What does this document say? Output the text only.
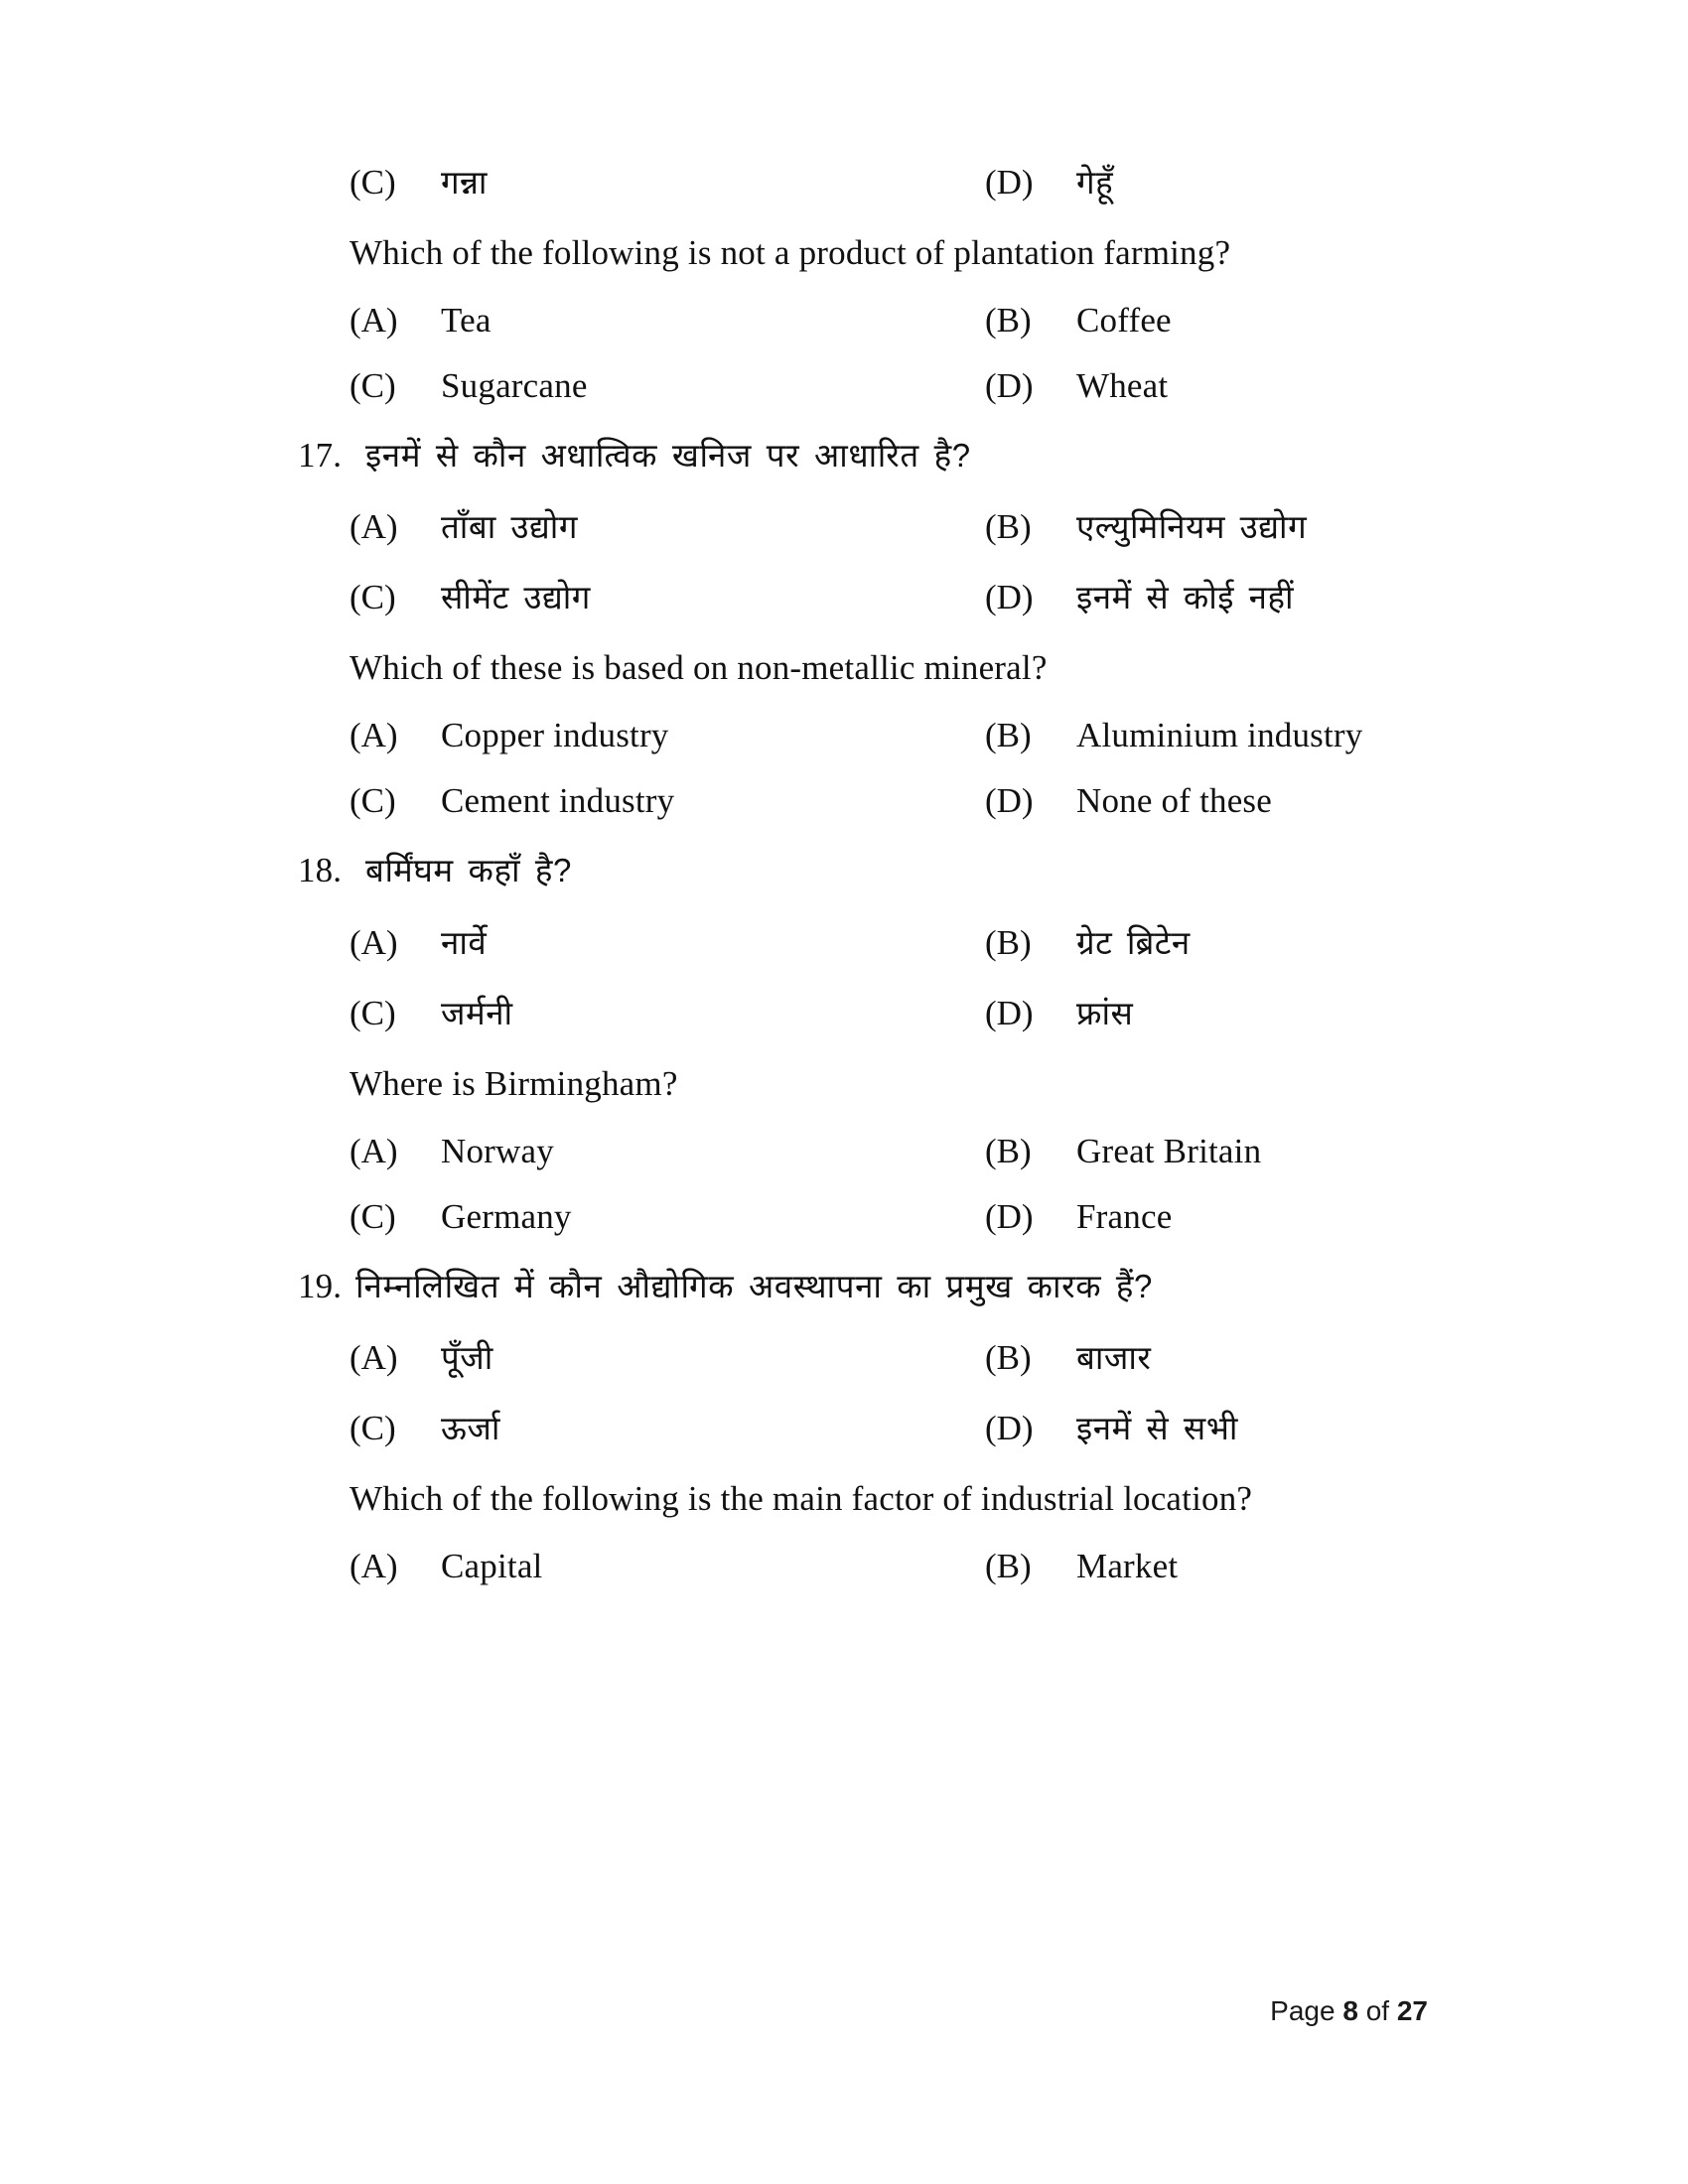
(C)	गन्ना	(D)	गेहूँ
Which of the following is not a product of plantation farming?
(A)	Tea	(B)	Coffee
(C)	Sugarcane	(D)	Wheat
17. इनमें से कौन अधात्विक खनिज पर आधारित है?
(A)	ताँबा उद्योग	(B)	एल्युमिनियम उद्योग
(C)	सीमेंट उद्योग	(D)	इनमें से कोई नहीं
Which of these is based on non-metallic mineral?
(A)	Copper industry	(B)	Aluminium industry
(C)	Cement industry	(D)	None of these
18. बर्मिंघम कहाँ है?
(A)	नार्वे	(B)	ग्रेट ब्रिटेन
(C)	जर्मनी	(D)	फ्रांस
Where is Birmingham?
(A)	Norway	(B)	Great Britain
(C)	Germany	(D)	France
19. निम्नलिखित में कौन औद्योगिक अवस्थापना का प्रमुख कारक हैं?
(A)	पूँजी	(B)	बाजार
(C)	ऊर्जा	(D)	इनमें से सभी
Which of the following is the main factor of industrial location?
(A)	Capital	(B)	Market
Page 8 of 27
